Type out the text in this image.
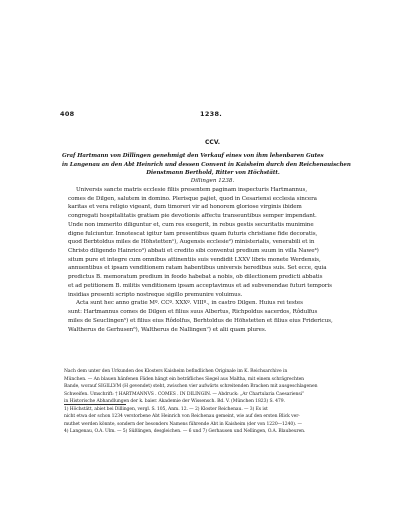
408	1238.
CCV.
Graf Hartmann von Dillingen genehmigt den Verkauf eines von ihm lehenbaren Gutes
in Langenau an den Abt Heinrich und dessen Convent in Kaisheim durch den Reichenauischen
Dienstmann Berthold, Ritter von Höchstätt.
Dillingen 1238.
Universis sancte matris ecclesie filiis presentem paginam inspecturis Hartmannus,
comes de Dilgen, salutem in domino. Plerisque pajiet, quod in Cesariensi ecclesia sincera
karitas et vera religio vigeant, dum timoreri vir ad honorem gloriose virginis ibidem
congregati hospitalitatis gratiam pie devotionis affectu transeuntibus semper impendant.
Unde non immerito diliguntur et, cum res exegerit, in rebus gestis securitatis munimine
digne fulciuntur. Innotescat igitur tam presentibus quam futuris christiane fide decoratis,
quod Berbtoldus miles de Höhstetten¹), Augensis ecclesie²) ministerialis, venerabili et in
Christo diligendo Hainrico³) abbati et credito sibi conventui predium suum in villa Nawe⁴)
situm pure et integre cum omnibus attinentiis suis vendidit LXXV libris monete Werdensis,
annuentibus et ipsam venditionem ratam habentibus universis heredibus suis. Set ecce, quia
predictus B. memoratum predium in feodo habebat a nobis, ob dilectionem predicti abbatis
et ad petitionem B. militis venditionem ipsam acceptavimus et ad subvenendae futuri temporis
insidias presenti scripto nostreque sigillo premunire voluimus.
Acta sunt hec anno gratie Mº. CCº. XXXº. VIIIº., in castro Dilgen. Huius rei testes
sunt: Hartmannus comes de Dilgen et filius suus Albertus, Richpoldus sacerdos, Rôdulfus
miles de Seuclingen⁵) et filius eius Rôdolfus, Berhtoldus de Höhstetten et filius eius Fridericus,
Waltherus de Gerhusen⁶), Waltherus de Nallingen⁷) et alii quam plures.
Nach dem unter den Urkunden des Klosters Kaisheim befindlichen Originale im K. Reichsarchive in
München. — An blauen hänfenen Fäden hängt ein beträfliches Siegel aus Maltha, mit einem schrägrechten
Bande, worauf SIGILLVM (H gevendet) steht, zwischen vier aufwärts schreitenden Bracken mit ausgeschlagenen
Schweifen. Umschrift: † HARTMANNVS . COMES . IN DILINGIN. — Abdruck: „Ar Chartularia Caesariensi“
in Historische Abhandlungen der k. baier. Akademie der Wissensch. Bd. V. (München 1823) S. 479.
1) Höchstätt, abiet bei Dillingen, vergl. S. 105, Anm. 12. — 2) Kloster Reichenau. — 3) Es ist
nicht etwa der schon 1234 verstorbene Abt Heinrich von Reichenau gemeint, wie auf den ersten Blick ver-
muthet werden könnte, sondern der besonders Namens führende Abt in Kaisheim (der von 1220—1240). —
4) Langenau, O.A. Ulm. — 5) Süßlingen, desgleichen. — 6 und 7) Gerhausen und Nellingen, O.A. Blaubeuren.
